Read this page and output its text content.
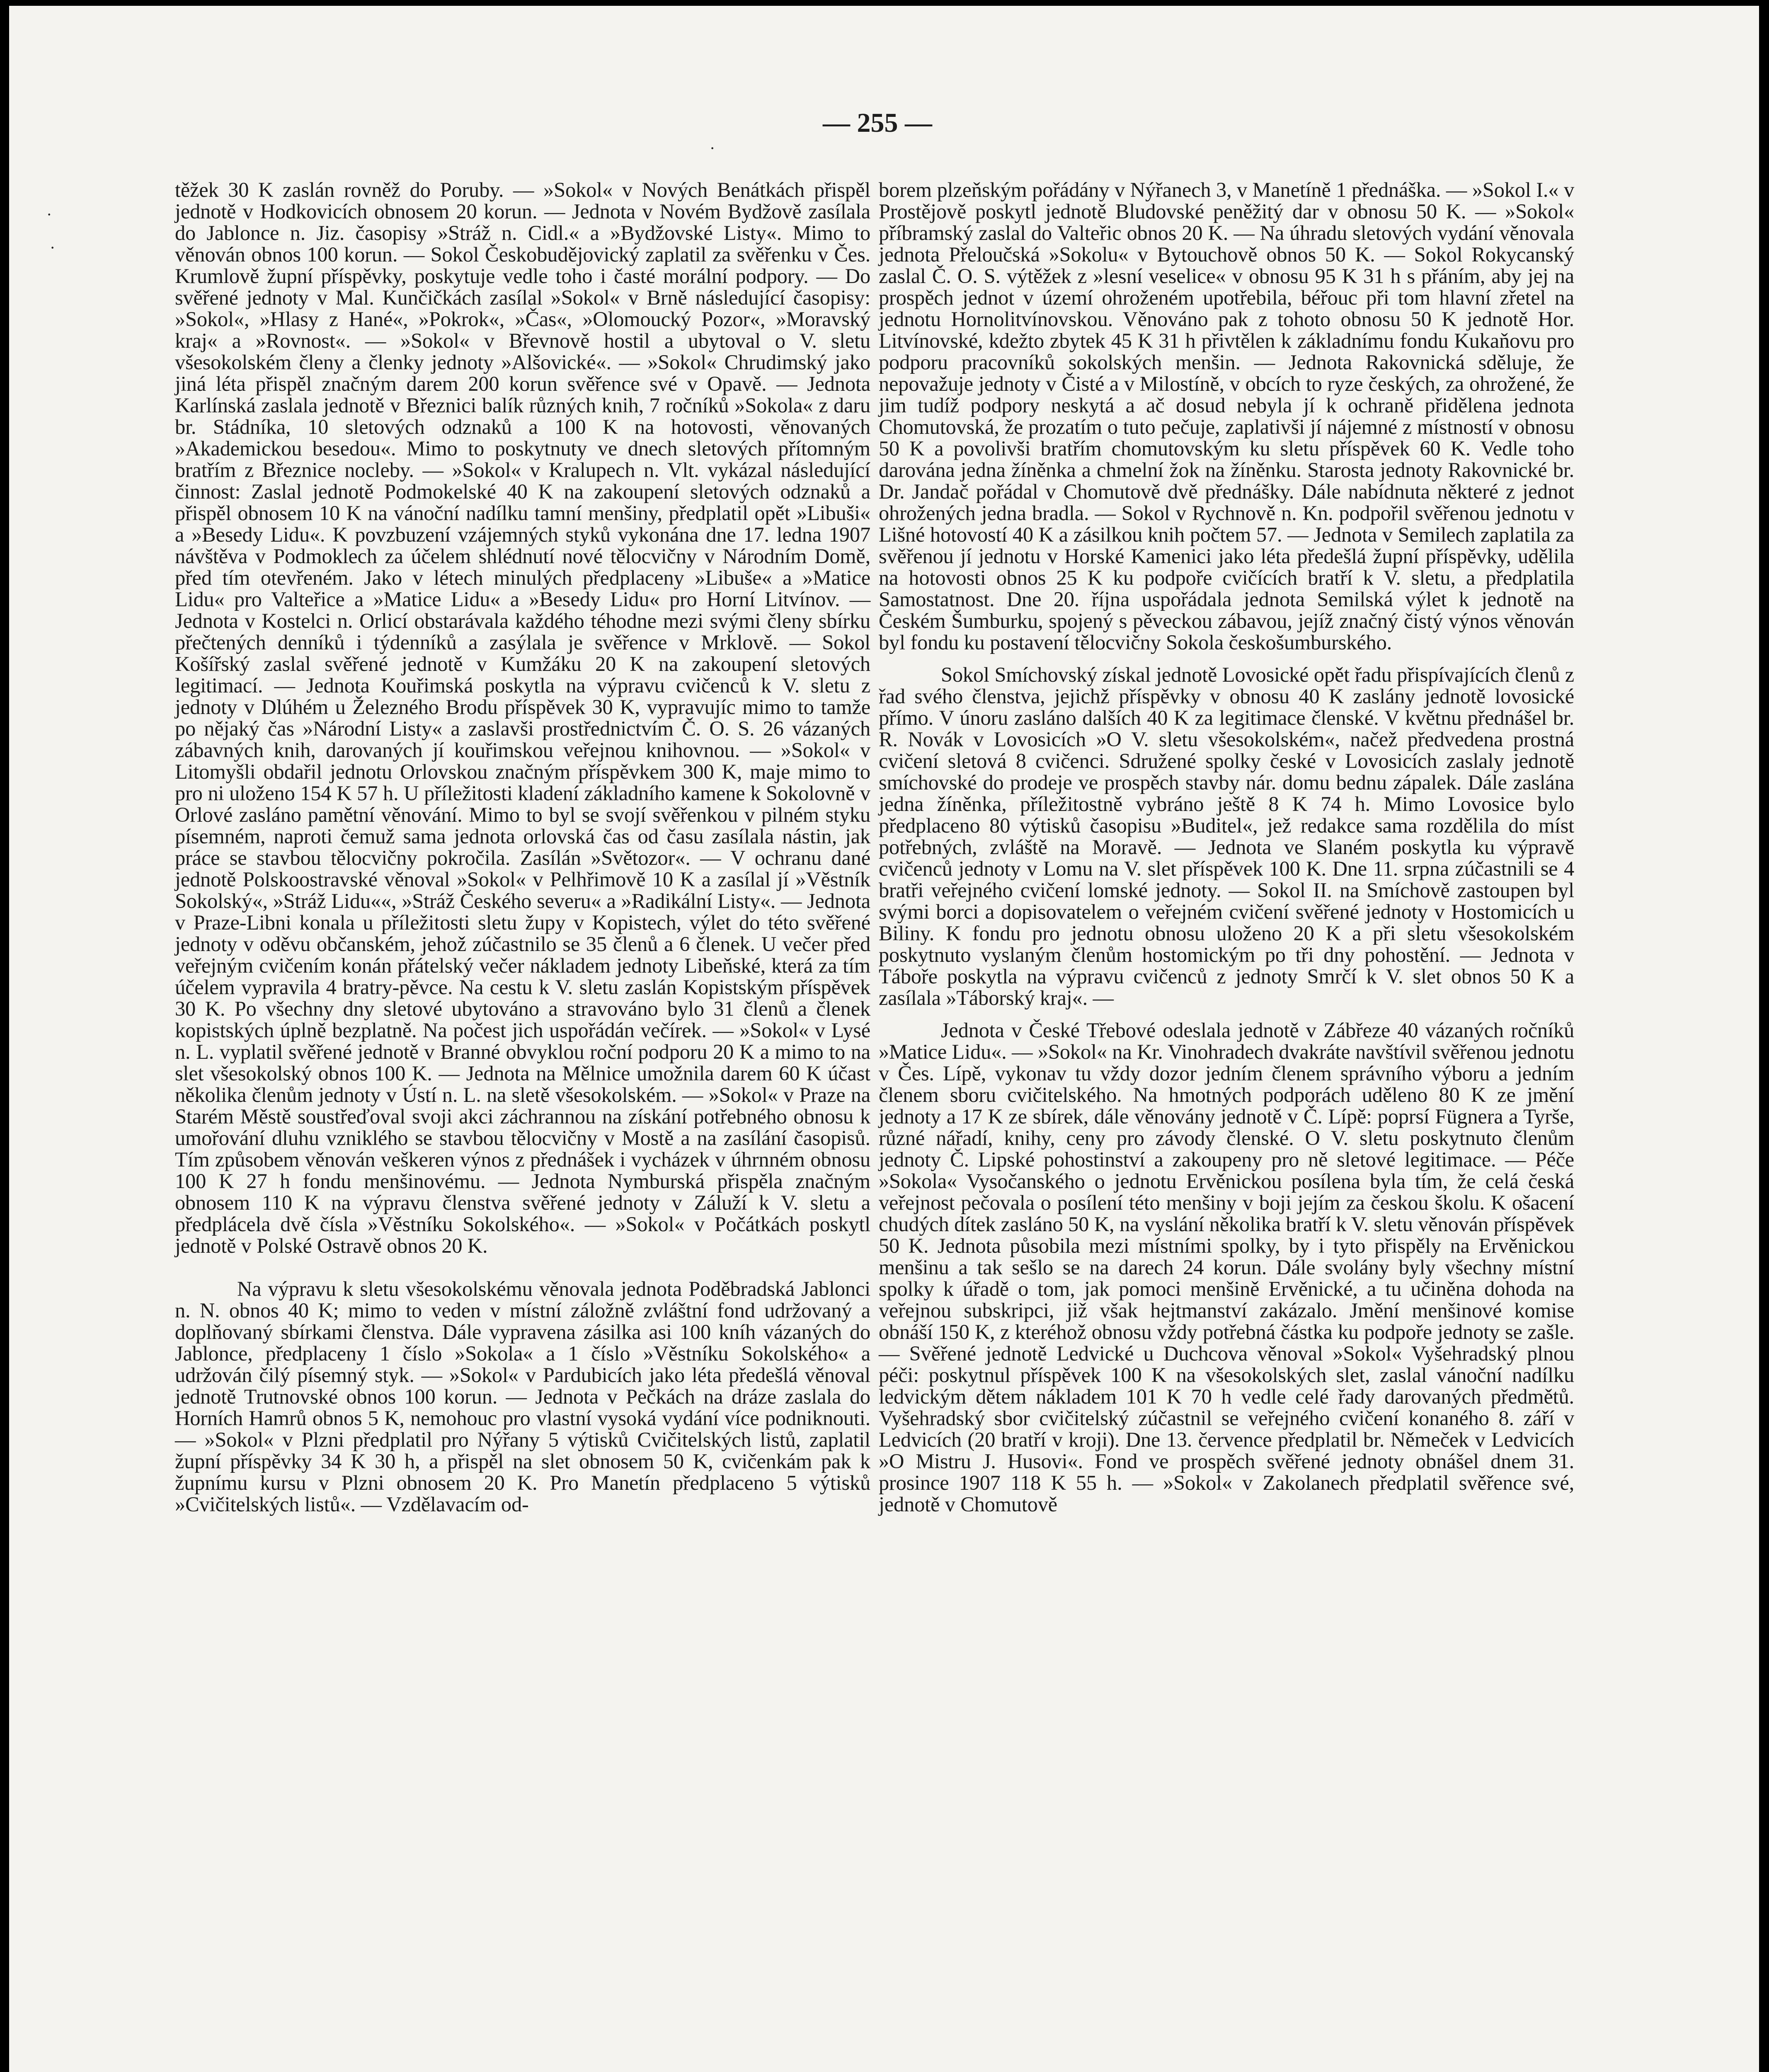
— 255 —
·
·
·

těžek 30 K zaslán rovněž do Poruby. — »Sokol« v Nových Benátkách přispěl jednotě v Hodkovicích obnosem 20 korun. — Jednota v Novém Bydžově zasílala do Jablonce n. Jiz. časopisy »Stráž n. Cidl.« a »Bydžovské Listy«. Mimo to věnován obnos 100 korun. — Sokol Českobudějovický zaplatil za svěřenku v Čes. Krumlově župní příspěvky, poskytuje vedle toho i časté morální podpory. — Do svěřené jednoty v Mal. Kunčičkách zasílal »Sokol« v Brně následující časopisy: »Sokol«, »Hlasy z Hané«, »Pokrok«, »Čas«, »Olomoucký Pozor«, »Moravský kraj« a »Rovnost«. — »Sokol« v Břevnově hostil a ubytoval o V. sletu všesokolském členy a členky jednoty »Alšovické«. — »Sokol« Chrudimský jako jiná léta přispěl značným darem 200 korun svěřence své v Opavě. — Jednota Karlínská zaslala jednotě v Březnici balík různých knih, 7 ročníků »Sokola« z daru br. Stádníka, 10 sletových odznaků a 100 K na hotovosti, věnovaných »Akademickou besedou«. Mimo to poskytnuty ve dnech sletových přítomným bratřím z Březnice nocleby. — »Sokol« v Kralupech n. Vlt. vykázal následující činnost: Zaslal jednotě Podmokelské 40 K na zakoupení sletových odznaků a přispěl obnosem 10 K na vánoční nadílku tamní menšiny, předplatil opět »Libuši« a »Besedy Lidu«. K povzbuzení vzájemných styků vykonána dne 17. ledna 1907 návštěva v Podmoklech za účelem shlédnutí nové tělocvičny v Národním Domě, před tím otevřeném. Jako v létech minulých předplaceny »Libuše« a »Matice Lidu« pro Valteřice a »Matice Lidu« a »Besedy Lidu« pro Horní Litvínov. — Jednota v Kostelci n. Orlicí obstarávala každého téhodne mezi svými členy sbírku přečtených denníků i týdenníků a zasýlala je svěřence v Mrklově. — Sokol Košířský zaslal svěřené jednotě v Kumžáku 20 K na zakoupení sletových legitimací. — Jednota Kouřimská poskytla na výpravu cvičenců k V. sletu z jednoty v Dlúhém u Železného Brodu příspěvek 30 K, vypravujíc mimo to tamže po nějaký čas »Národní Listy« a zaslavši prostřednictvím Č. O. S. 26 vázaných zábavných knih, darovaných jí kouřimskou veřejnou knihovnou. — »Sokol« v Litomyšli obdařil jednotu Orlovskou značným příspěvkem 300 K, maje mimo to pro ni uloženo 154 K 57 h. U příležitosti kladení základního kamene k Sokolovně v Orlové zasláno pamětní věnování. Mimo to byl se svojí svěřenkou v pilném styku písemném, naproti čemuž sama jednota orlovská čas od času zasílala nástin, jak práce se stavbou tělocvičny pokročila. Zasílán »Světozor«. — V ochranu dané jednotě Polskoostravské věnoval »Sokol« v Pelhřimově 10 K a zasílal jí »Věstník Sokolský«, »Stráž Lidu««, »Stráž Českého severu« a »Radikální Listy«. — Jednota v Praze-Libni konala u příležitosti sletu župy v Kopistech, výlet do této svěřené jednoty v oděvu občanském, jehož zúčastnilo se 35 členů a 6 členek. U večer před veřejným cvičením konán přátelský večer nákladem jednoty Libeňské, která za tím účelem vypravila 4 bratry-pěvce. Na cestu k V. sletu zaslán Kopistským příspěvek 30 K. Po všechny dny sletové ubytováno a stravováno bylo 31 členů a členek kopistských úplně bezplatně. Na počest jich uspořádán večírek. — »Sokol« v Lysé n. L. vyplatil svěřené jednotě v Branné obvyklou roční podporu 20 K a mimo to na slet všesokolský obnos 100 K. — Jednota na Mělnice umožnila darem 60 K účast několika členům jednoty v Ústí n. L. na sletě všesokolském. — »Sokol« v Praze na Starém Městě soustřeďoval svoji akci záchrannou na získání potřebného obnosu k umořování dluhu vzniklého se stavbou tělocvičny v Mostě a na zasílání časopisů. Tím způsobem věnován veškeren výnos z přednášek i vycházek v úhrnném obnosu 100 K 27 h fondu menšinovému. — Jednota Nymburská přispěla značným obnosem 110 K na výpravu členstva svěřené jednoty v Záluží k V. sletu a předplácela dvě čísla »Věstníku Sokolského«. — »Sokol« v Počátkách poskytl jednotě v Polské Ostravě obnos 20 K.

Na výpravu k sletu všesokolskému věnovala jednota Poděbradská Jablonci n. N. obnos 40 K; mimo to veden v místní záložně zvláštní fond udržovaný a doplňovaný sbírkami členstva. Dále vypravena zásilka asi 100 kníh vázaných do Jablonce, předplaceny 1 číslo »Sokola« a 1 číslo »Věstníku Sokolského« a udržován čilý písemný styk. — »Sokol« v Pardubicích jako léta předešlá věnoval jednotě Trutnovské obnos 100 korun. — Jednota v Pečkách na dráze zaslala do Horních Hamrů obnos 5 K, nemohouc pro vlastní vysoká vydání více podniknouti. — »Sokol« v Plzni předplatil pro Nýřany 5 výtisků Cvičitelských listů, zaplatil župní příspěvky 34 K 30 h, a přispěl na slet obnosem 50 K, cvičenkám pak k župnímu kursu v Plzni obnosem 20 K. Pro Manetín předplaceno 5 výtisků »Cvičitelských listů«. — Vzdělavacím od-

borem plzeňským pořádány v Nýřanech 3, v Manetíně 1 přednáška. — »Sokol I.« v Prostějově poskytl jednotě Bludovské peněžitý dar v obnosu 50 K. — »Sokol« příbramský zaslal do Valteřic obnos 20 K. — Na úhradu sletových vydání věnovala jednota Přeloučská »Sokolu« v Bytouchově obnos 50 K. — Sokol Rokycanský zaslal Č. O. S. výtěžek z »lesní veselice« v obnosu 95 K 31 h s přáním, aby jej na prospěch jednot v území ohroženém upotřebila, béřouc při tom hlavní zřetel na jednotu Hornolitvínovskou. Věnováno pak z tohoto obnosu 50 K jednotě Hor. Litvínovské, kdežto zbytek 45 K 31 h přivtělen k základnímu fondu Kukaňovu pro podporu pracovníků sokolských menšin. — Jednota Rakovnická sděluje, že nepovažuje jednoty v Čisté a v Milostíně, v obcích to ryze českých, za ohrožené, že jim tudíž podpory neskytá a ač dosud nebyla jí k ochraně přidělena jednota Chomutovská, že prozatím o tuto pečuje, zaplativši jí nájemné z místností v obnosu 50 K a povolivši bratřím chomutovským ku sletu příspěvek 60 K. Vedle toho darována jedna žíněnka a chmelní žok na žíněnku. Starosta jednoty Rakovnické br. Dr. Jandač pořádal v Chomutově dvě přednášky. Dále nabídnuta některé z jednot ohrožených jedna bradla. — Sokol v Rychnově n. Kn. podpořil svěřenou jednotu v Lišné hotovostí 40 K a zásilkou knih počtem 57. — Jednota v Semilech zaplatila za svěřenou jí jednotu v Horské Kamenici jako léta předešlá župní příspěvky, udělila na hotovosti obnos 25 K ku podpoře cvičících bratří k V. sletu, a předplatila Samostatnost. Dne 20. října uspořádala jednota Semilská výlet k jednotě na Českém Šumburku, spojený s pěveckou zábavou, jejíž značný čistý výnos věnován byl fondu ku postavení tělocvičny Sokola českošumburského.

Sokol Smíchovský získal jednotě Lovosické opět řadu přispívajících členů z řad svého členstva, jejichž příspěvky v obnosu 40 K zaslány jednotě lovosické přímo. V únoru zasláno dalších 40 K za legitimace členské. V květnu přednášel br. R. Novák v Lovosicích »O V. sletu všesokolském«, načež předvedena prostná cvičení sletová 8 cvičenci. Sdružené spolky české v Lovosicích zaslaly jednotě smíchovské do prodeje ve prospěch stavby nár. domu bednu zápalek. Dále zaslána jedna žíněnka, příležitostně vybráno ještě 8 K 74 h. Mimo Lovosice bylo předplaceno 80 výtisků časopisu »Buditel«, jež redakce sama rozdělila do míst potřebných, zvláště na Moravě. — Jednota ve Slaném poskytla ku výpravě cvičenců jednoty v Lomu na V. slet příspěvek 100 K. Dne 11. srpna zúčastnili se 4 bratři veřejného cvičení lomské jednoty. — Sokol II. na Smíchově zastoupen byl svými borci a dopisovatelem o veřejném cvičení svěřené jednoty v Hostomicích u Biliny. K fondu pro jednotu obnosu uloženo 20 K a při sletu všesokolském poskytnuto vyslaným členům hostomickým po tři dny pohostění. — Jednota v Táboře poskytla na výpravu cvičenců z jednoty Smrčí k V. slet obnos 50 K a zasílala »Táborský kraj«. —

Jednota v České Třebové odeslala jednotě v Zábřeze 40 vázaných ročníků »Matice Lidu«. — »Sokol« na Kr. Vinohradech dvakráte navštívil svěřenou jednotu v Čes. Lípě, vykonav tu vždy dozor jedním členem správního výboru a jedním členem sboru cvičitelského. Na hmotných podporách uděleno 80 K ze jmění jednoty a 17 K ze sbírek, dále věnovány jednotě v Č. Lípě: poprsí Fügnera a Tyrše, různé nářadí, knihy, ceny pro závody členské. O V. sletu poskytnuto členům jednoty Č. Lipské pohostinství a zakoupeny pro ně sletové legitimace. — Péče »Sokola« Vysočanského o jednotu Ervěnickou posílena byla tím, že celá česká veřejnost pečovala o posílení této menšiny v boji jejím za českou školu. K ošacení chudých dítek zasláno 50 K, na vyslání několika bratří k V. sletu věnován příspěvek 50 K. Jednota působila mezi místními spolky, by i tyto přispěly na Ervěnickou menšinu a tak sešlo se na darech 24 korun. Dále svolány byly všechny místní spolky k úřadě o tom, jak pomoci menšině Ervěnické, a tu učiněna dohoda na veřejnou subskripci, již však hejtmanství zakázalo. Jmění menšinové komise obnáší 150 K, z kteréhož obnosu vždy potřebná částka ku podpoře jednoty se zašle. — Svěřené jednotě Ledvické u Duchcova věnoval »Sokol« Vyšehradský plnou péči: poskytnul příspěvek 100 K na všesokolských slet, zaslal vánoční nadílku ledvickým dětem nákladem 101 K 70 h vedle celé řady darovaných předmětů. Vyšehradský sbor cvičitelský zúčastnil se veřejného cvičení konaného 8. září v Ledvicích (20 bratří v kroji). Dne 13. července předplatil br. Němeček v Ledvicích »O Mistru J. Husovi«. Fond ve prospěch svěřené jednoty obnášel dnem 31. prosince 1907 118 K 55 h. — »Sokol« v Zakolanech předplatil svěřence své, jednotě v Chomutově
